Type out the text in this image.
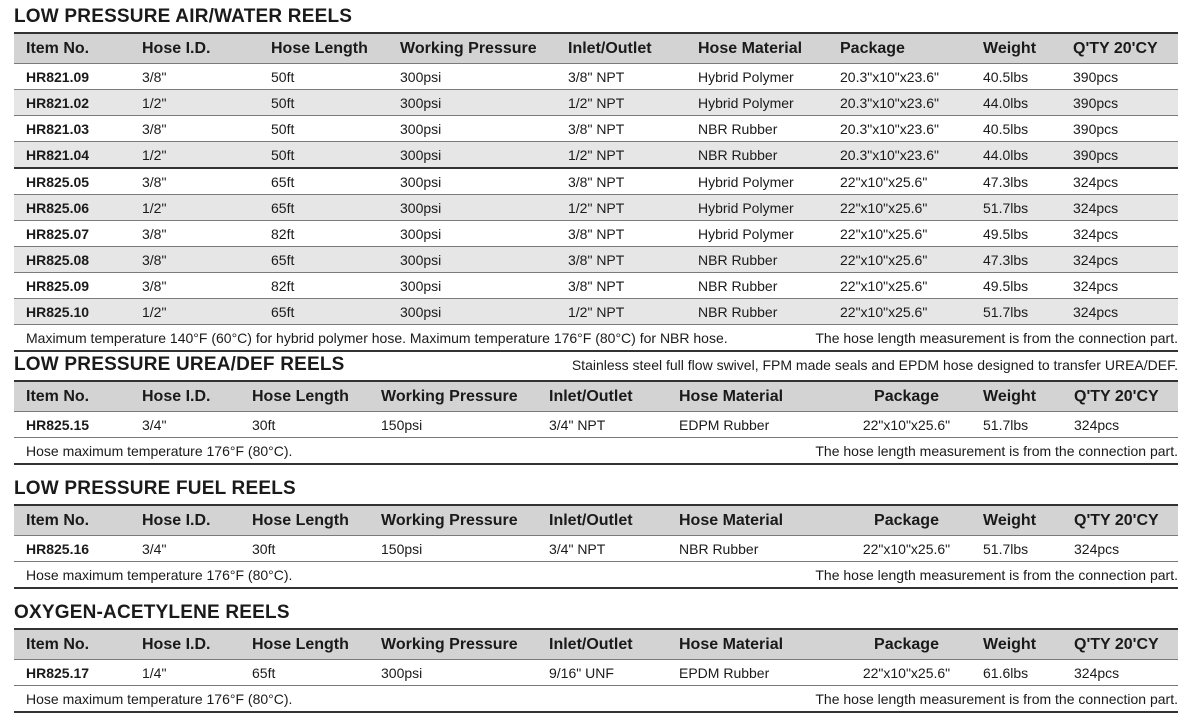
LOW PRESSURE AIR/WATER REELS
Item No.	Hose I.D.	Hose Length	Working Pressure	Inlet/Outlet	Hose Material	Package	Weight	Q'TY 20'CY
HR821.09	3/8"	50ft	300psi	3/8" NPT	Hybrid Polymer	20.3"x10"x23.6"	40.5lbs	390pcs
HR821.02	1/2"	50ft	300psi	1/2" NPT	Hybrid Polymer	20.3"x10"x23.6"	44.0lbs	390pcs
HR821.03	3/8"	50ft	300psi	3/8" NPT	NBR Rubber	20.3"x10"x23.6"	40.5lbs	390pcs
HR821.04	1/2"	50ft	300psi	1/2" NPT	NBR Rubber	20.3"x10"x23.6"	44.0lbs	390pcs
HR825.05	3/8"	65ft	300psi	3/8" NPT	Hybrid Polymer	22"x10"x25.6"	47.3lbs	324pcs
HR825.06	1/2"	65ft	300psi	1/2" NPT	Hybrid Polymer	22"x10"x25.6"	51.7lbs	324pcs
HR825.07	3/8"	82ft	300psi	3/8" NPT	Hybrid Polymer	22"x10"x25.6"	49.5lbs	324pcs
HR825.08	3/8"	65ft	300psi	3/8" NPT	NBR Rubber	22"x10"x25.6"	47.3lbs	324pcs
HR825.09	3/8"	82ft	300psi	3/8" NPT	NBR Rubber	22"x10"x25.6"	49.5lbs	324pcs
HR825.10	1/2"	65ft	300psi	1/2" NPT	NBR Rubber	22"x10"x25.6"	51.7lbs	324pcs

Maximum temperature 140°F (60°C) for hybrid polymer hose. Maximum temperature 176°F (80°C) for NBR hose. The hose length measurement is from the connection part.								
LOW PRESSURE UREA/DEF REELS	Stainless steel full flow swivel, FPM made seals and EPDM hose designed to transfer UREA/DEF.
Item No.	Hose I.D.	Hose Length	Working Pressure	Inlet/Outlet	Hose Material	Package	Weight	Q'TY 20'CY
HR825.15	3/4"	30ft	150psi	3/4" NPT	EDPM Rubber	22"x10"x25.6"	51.7lbs	324pcs

Hose maximum temperature 176°F (80°C). The hose length measurement is from the connection part.								
LOW PRESSURE FUEL REELS
Item No.	Hose I.D.	Hose Length	Working Pressure	Inlet/Outlet	Hose Material	Package	Weight	Q'TY 20'CY
HR825.16	3/4"	30ft	150psi	3/4" NPT	NBR Rubber	22"x10"x25.6"	51.7lbs	324pcs

Hose maximum temperature 176°F (80°C). The hose length measurement is from the connection part.								
OXYGEN-ACETYLENE REELS
Item No.	Hose I.D.	Hose Length	Working Pressure	Inlet/Outlet	Hose Material	Package	Weight	Q'TY 20'CY
HR825.17	1/4"	65ft	300psi	9/16" UNF	EPDM Rubber	22"x10"x25.6"	61.6lbs	324pcs

Hose maximum temperature 176°F (80°C). The hose length measurement is from the connection part.								
